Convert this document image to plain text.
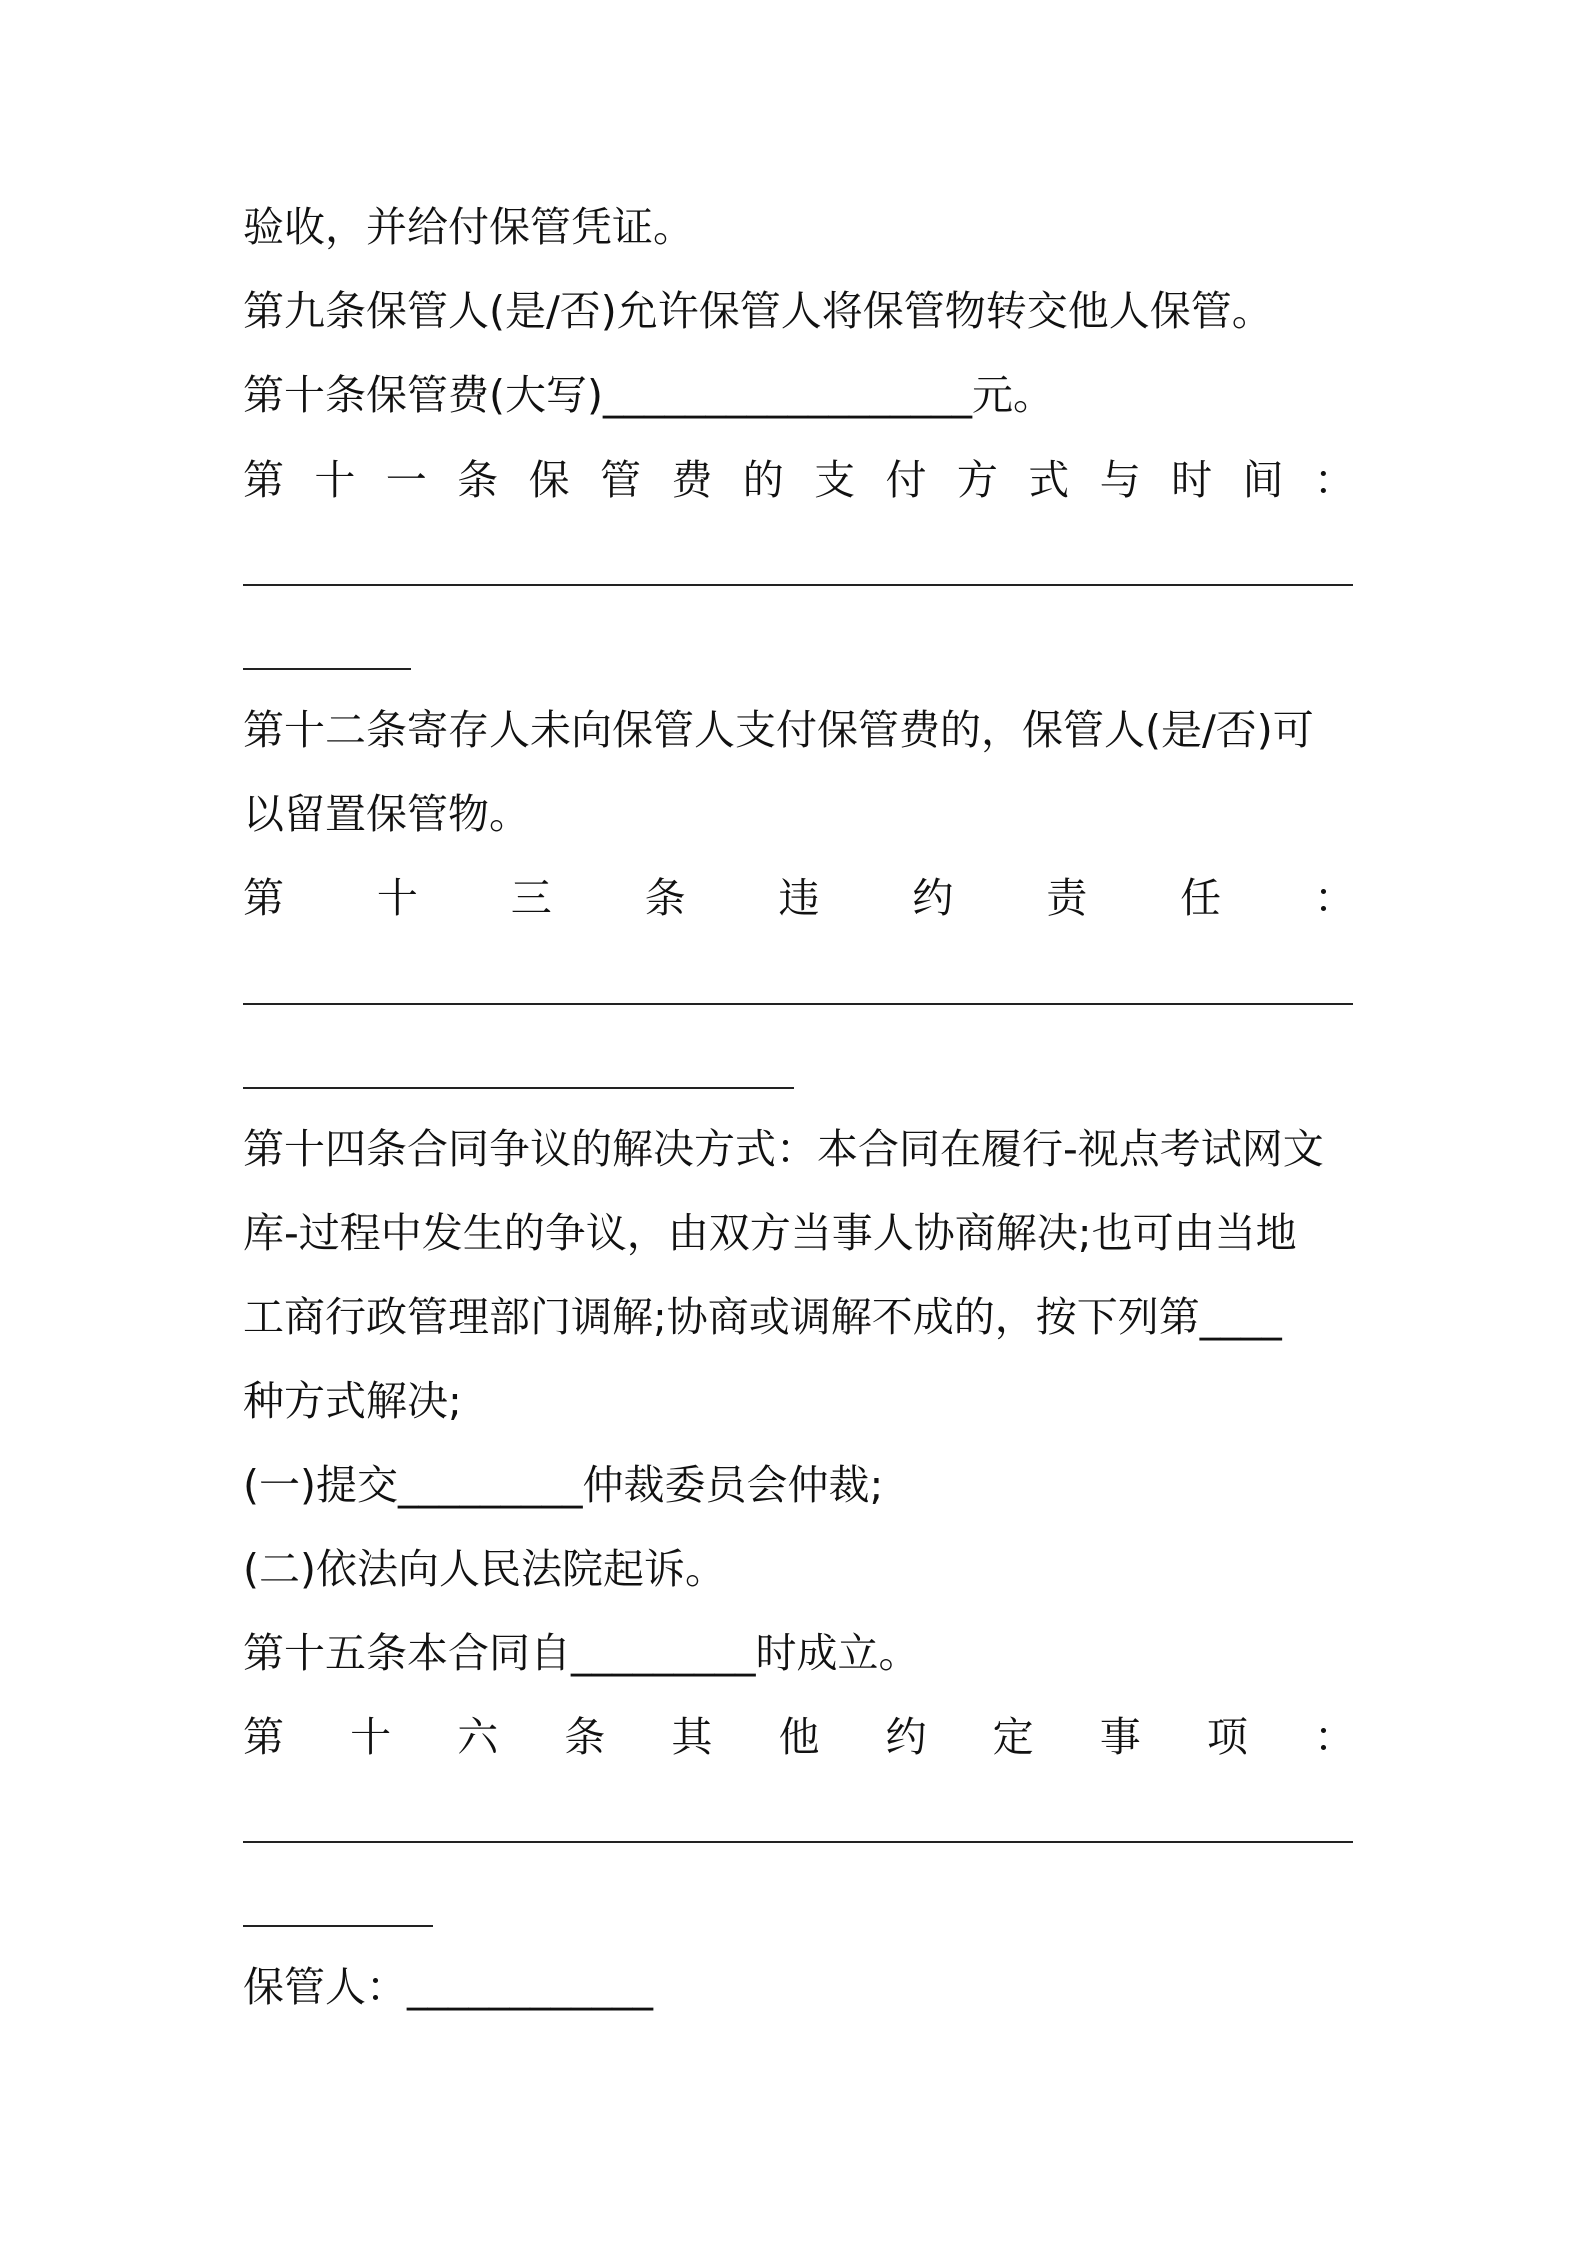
验收，并给付保管凭证。
第九条保管人(是/否)允许保管人将保管物转交他人保管。
第十条保管费(大写)__________________元。
第 十 一 条 保 管 费 的 支 付 方 式 与 时 间 ：
第十二条寄存人未向保管人支付保管费的，保管人(是/否)可
以留置保管物。
第 十 三 条 违 约 责 任 ：
第十四条合同争议的解决方式：本合同在履行-视点考试网文
库-过程中发生的争议，由双方当事人协商解决;也可由当地
工商行政管理部门调解;协商或调解不成的，按下列第____
种方式解决;
(一)提交_________仲裁委员会仲裁;
(二)依法向人民法院起诉。
第十五条本合同自_________时成立。
第 十 六 条 其 他 约 定 事 项 ：
保管人：____________
